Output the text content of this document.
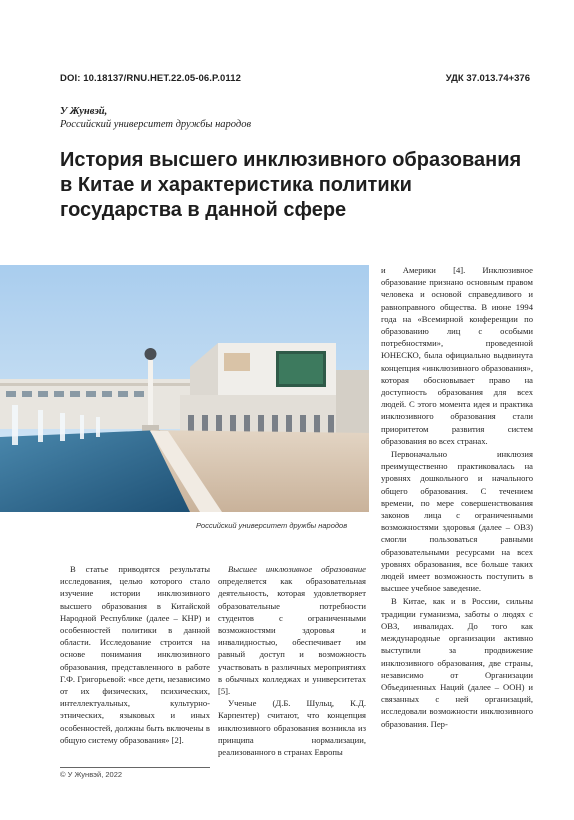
DOI: 10.18137/RNU.HET.22.05-06.P.0112	УДК 37.013.74+376
У Жунвэй,
Российский университет дружбы народов
История высшего инклюзивного образования в Китае и характеристика политики государства в данной сфере
Российский университет дружбы народов

В статье приводятся результаты исследования, целью которого стало изучение истории инклюзивного высшего образования в Китайской Народной Республике (далее – КНР) и особенностей политики в данной области. Исследование строится на основе понимания инклюзивного образования, представленного в работе Г.Ф. Григорьевой: «все дети, независимо от их физических, психических, интеллектуальных, культурно-этнических, языковых и иных особенностей, должны быть включены в общую систему образования» [2].

Высшее инклюзивное образование определяется как образовательная деятельность, которая удовлетворяет образовательные потребности студентов с ограниченными возможностями здоровья и инвалидностью, обеспечивает им равный доступ и возможность участвовать в различных мероприятиях в обычных колледжах и университетах [5].

Ученые (Д.Б. Шульц, К.Д. Карпентер) считают, что концепция инклюзивного образования возникла из принципа нормализации, реализованного в странах Европы

и Америки [4]. Инклюзивное образование признано основным правом человека и основой справедливого и равноправного общества. В июне 1994 года на «Всемирной конференции по образованию лиц с особыми потребностями», проведенной ЮНЕСКО, была официально выдвинута концепция «инклюзивного образования», которая обосновывает право на доступность образования для всех людей. С этого момента идея и практика инклюзивного образования стали приоритетом развития систем образования во всех странах.

Первоначально инклюзия преимущественно практиковалась на уровнях дошкольного и начального общего образования. С течением времени, по мере совершенствования законов лица с ограниченными возможностями здоровья (далее – ОВЗ) смогли пользоваться равными образовательными ресурсами на всех уровнях образования, все больше таких людей имеет возможность поступить в высшее учебное заведение.

В Китае, как и в России, сильны традиции гуманизма, заботы о людях с ОВЗ, инвалидах. До того как международные организации активно выступили за продвижение инклюзивного образования, две страны, независимо от Организации Объединенных Наций (далее – ООН) и связанных с ней организаций, исследовали возможности инклюзивного образования. Пер-

© У Жунвэй, 2022
